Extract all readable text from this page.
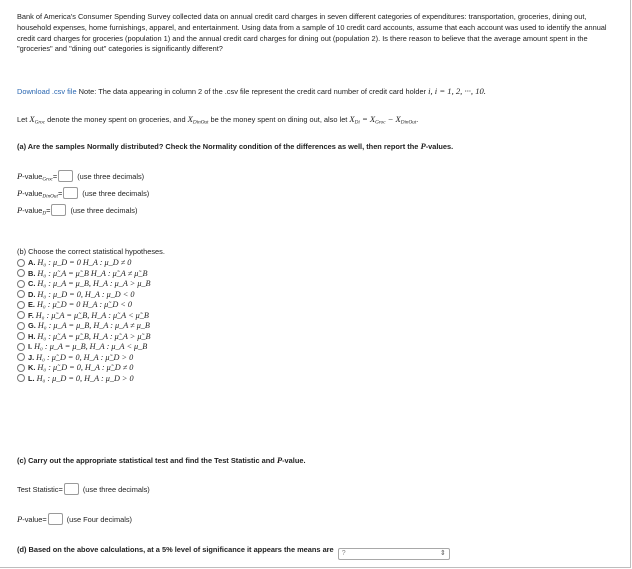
Bank of America's Consumer Spending Survey collected data on annual credit card charges in seven different categories of expenditures: transportation, groceries, dining out, household expenses, home furnishings, apparel, and entertainment. Using data from a sample of 10 credit card accounts, assume that each account was used to identify the annual credit card charges for groceries (population 1) and the annual credit card charges for dining out (population 2). Is there reason to believe that the average amount spent in the "groceries" and "dining out" categories is significantly different?
Download .csv file Note: The data appearing in column 2 of the .csv file represent the credit card number of credit card holder i, i = 1, 2, ···, 10.
Let $X_{Groc}$ denote the money spent on groceries, and $X_{DinOut}$ be the money spent on dining out, also let $X_{Di} = X_{Groc} - X_{DinOut}$.
(a) Are the samples Normally distributed? Check the Normality condition of the differences as well, then report the P-values.
P-value$_{Groc}$=	(use three decimals)
P-value$_{DinOut}$=	(use three decimals)
P-value$_D$=	(use three decimals)
(b) Choose the correct statistical hypotheses.
A. H₀ : μ_D = 0 H_A : μ_D ≠ 0
B. H₀ : μ̃_A = μ̃_B H_A : μ̃_A ≠ μ̃_B
C. H₀ : μ_A = μ_B, H_A : μ_A > μ_B
D. H₀ : μ_D = 0, H_A : μ_D < 0
E. H₀ : μ̃_D = 0 H_A : μ̃_D < 0
F. H₀ : μ̃_A = μ̃_B, H_A : μ̃_A < μ̃_B
G. H₀ : μ_A = μ_B, H_A : μ_A ≠ μ_B
H. H₀ : μ̃_A = μ̃_B, H_A : μ̃_A > μ̃_B
I. H₀ : μ_A = μ_B, H_A : μ_A < μ_B
J. H₀ : μ̃_D = 0, H_A : μ̃_D > 0
K. H₀ : μ̃_D = 0, H_A : μ̃_D ≠ 0
L. H₀ : μ_D = 0, H_A : μ_D > 0
(c) Carry out the appropriate statistical test and find the Test Statistic and P-value.
Test Statistic=	(use three decimals)
P-value=	(use Four decimals)
(d) Based on the above calculations, at a 5% level of significance it appears the means are ?	⇕
